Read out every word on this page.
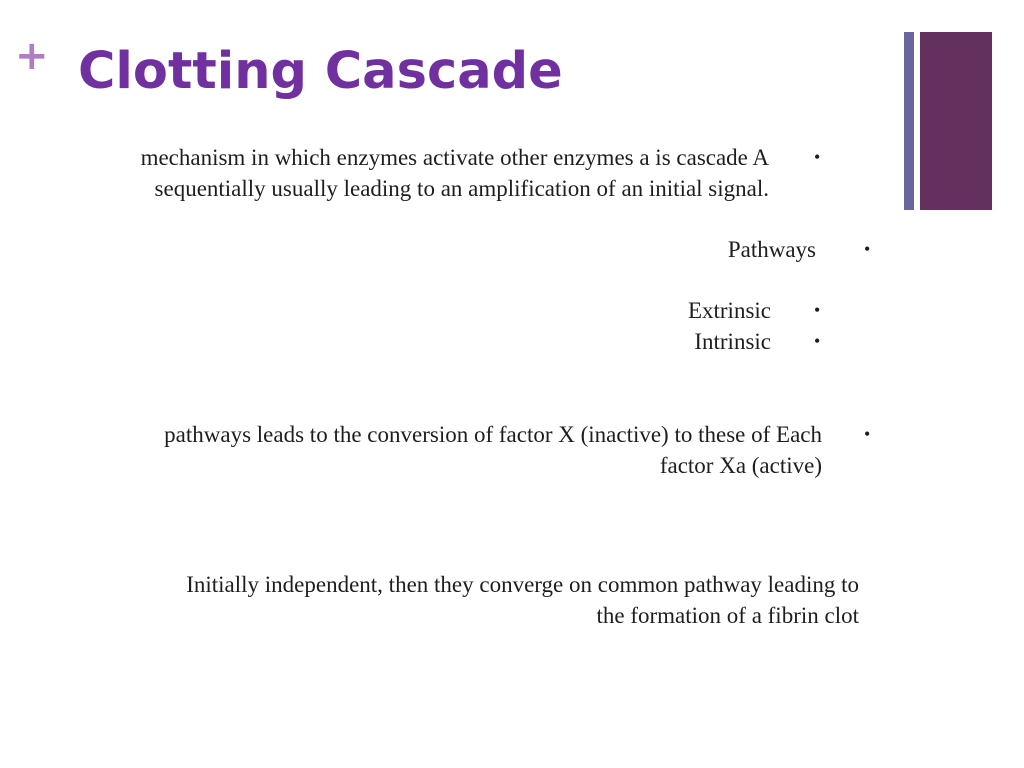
+ Clotting Cascade
mechanism in which enzymes activate other enzymes a is cascade A
sequentially usually leading to an amplification of an initial signal.
•
Pathways	•
Extrinsic •
Intrinsic •
pathways leads to the conversion of factor X (inactive) to these of Each
factor Xa (active)
•
Initially independent, then they converge on common pathway leading to
the formation of a fibrin clot
